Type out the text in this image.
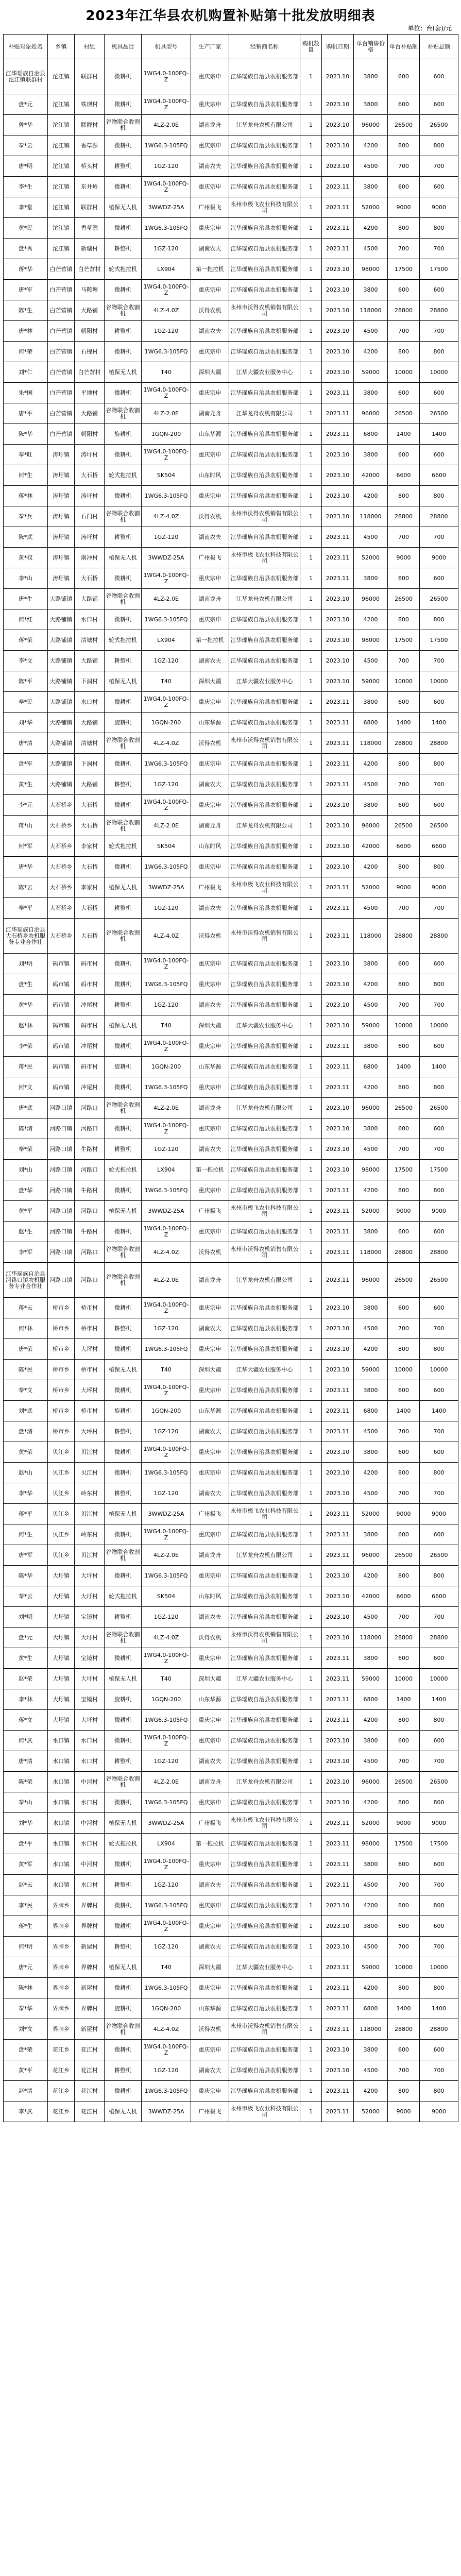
2023年江华县农机购置补贴第十批发放明细表
单位：台(套)/元
补贴对象姓名	乡镇	村组	机具品目	机具型号	生产厂家	经销商名称	购机数量	购机日期	单台销售价格	单台补贴额	补贴总额
江华瑶族自治县沱江镇联群村	沱江镇	联群村	微耕机	1WG4.0-100FQ-Z	重庆宗申	江华瑶族自治县农机服务部	1	2023.10	3800	600	600
盘*元	沱江镇	铁坝村	微耕机	1WG4.0-100FQ-Z	重庆宗申	江华瑶族自治县农机服务部	1	2023.10	3800	600	600
曾*华	沱江镇	联群村	谷物联合收割机	4LZ-2.0E	湖南龙舟	江华龙舟农机有限公司	1	2023.10	96000	26500	26500
奉*云	沱江镇	香草源	微耕机	1WG6.3-105FQ	重庆宗申	江华瑶族自治县农机服务部	1	2023.10	4200	800	800
唐*明	沱江镇	桥头村	耕整机	1GZ-120	湖南农夫	江华瑶族自治县农机服务部	1	2023.10	4500	700	700
李*生	沱江镇	东井岭	微耕机	1WG4.0-100FQ-Z	重庆宗申	江华瑶族自治县农机服务部	1	2023.11	3800	600	600
李*堂	沱江镇	联群村	植保无人机	3WWDZ-25A	广州极飞	永州市极飞农业科技有限公司	1	2023.11	52000	9000	9000
黄*民	沱江镇	香草源	微耕机	1WG6.3-105FQ	重庆宗申	江华瑶族自治县农机服务部	1	2023.11	4200	800	800
盘*秀	沱江镇	新塘村	耕整机	1GZ-120	湖南农夫	江华瑶族自治县农机服务部	1	2023.11	4500	700	700
蒋*华	白芒营镇	白芒营村	轮式拖拉机	LX904	第一拖拉机	江华瑶族自治县农机服务部	1	2023.10	98000	17500	17500
唐*军	白芒营镇	马鞍塘	微耕机	1WG4.0-100FQ-Z	重庆宗申	江华瑶族自治县农机服务部	1	2023.10	3800	600	600
陈*生	白芒营镇	大路铺	谷物联合收割机	4LZ-4.0Z	沃得农机	永州市沃得农机销售有限公司	1	2023.10	118000	28800	28800
唐*林	白芒营镇	朝阳村	耕整机	1GZ-120	湖南农夫	江华瑶族自治县农机服务部	1	2023.10	4500	700	700
何*荣	白芒营镇	石枧村	微耕机	1WG6.3-105FQ	重庆宗申	江华瑶族自治县农机服务部	1	2023.10	4200	800	800
刘*仁	白芒营镇	白芒营村	植保无人机	T40	深圳大疆	江华大疆农业服务中心	1	2023.10	59000	10000	10000
朱*国	白芒营镇	平地村	微耕机	1WG4.0-100FQ-Z	重庆宗申	江华瑶族自治县农机服务部	1	2023.11	3800	600	600
唐*平	白芒营镇	大路铺	谷物联合收割机	4LZ-2.0E	湖南龙舟	江华龙舟农机有限公司	1	2023.11	96000	26500	26500
陈*华	白芒营镇	朝阳村	旋耕机	1GQN-200	山东华源	江华瑶族自治县农机服务部	1	2023.11	6800	1400	1400
奉*旺	涛圩镇	涛圩村	微耕机	1WG4.0-100FQ-Z	重庆宗申	江华瑶族自治县农机服务部	1	2023.10	3800	600	600
何*生	涛圩镇	大石桥	轮式拖拉机	SK504	山东时风	江华瑶族自治县农机服务部	1	2023.10	42000	6600	6600
蒋*林	涛圩镇	涛圩村	微耕机	1WG6.3-105FQ	重庆宗申	江华瑶族自治县农机服务部	1	2023.10	4200	800	800
奉*兵	涛圩镇	石门村	谷物联合收割机	4LZ-4.0Z	沃得农机	永州市沃得农机销售有限公司	1	2023.10	118000	28800	28800
陈*武	涛圩镇	涛圩村	耕整机	1GZ-120	湖南农夫	江华瑶族自治县农机服务部	1	2023.11	4500	700	700
黄*权	涛圩镇	南冲村	植保无人机	3WWDZ-25A	广州极飞	永州市极飞农业科技有限公司	1	2023.11	52000	9000	9000
李*山	涛圩镇	大石桥	微耕机	1WG4.0-100FQ-Z	重庆宗申	江华瑶族自治县农机服务部	1	2023.11	3800	600	600
唐*生	大路铺镇	大路铺	谷物联合收割机	4LZ-2.0E	湖南龙舟	江华龙舟农机有限公司	1	2023.10	96000	26500	26500
何*红	大路铺镇	水口村	微耕机	1WG6.3-105FQ	重庆宗申	江华瑶族自治县农机服务部	1	2023.10	4200	800	800
蒋*荣	大路铺镇	清塘村	轮式拖拉机	LX904	第一拖拉机	江华瑶族自治县农机服务部	1	2023.10	98000	17500	17500
李*文	大路铺镇	大路铺	耕整机	1GZ-120	湖南农夫	江华瑶族自治县农机服务部	1	2023.10	4500	700	700
陈*平	大路铺镇	下洞村	植保无人机	T40	深圳大疆	江华大疆农业服务中心	1	2023.10	59000	10000	10000
奉*民	大路铺镇	水口村	微耕机	1WG4.0-100FQ-Z	重庆宗申	江华瑶族自治县农机服务部	1	2023.11	3800	600	600
刘*华	大路铺镇	大路铺	旋耕机	1GQN-200	山东华源	江华瑶族自治县农机服务部	1	2023.11	6800	1400	1400
唐*清	大路铺镇	清塘村	谷物联合收割机	4LZ-4.0Z	沃得农机	永州市沃得农机销售有限公司	1	2023.11	118000	28800	28800
盘*军	大路铺镇	下洞村	微耕机	1WG6.3-105FQ	重庆宗申	江华瑶族自治县农机服务部	1	2023.11	4200	800	800
黄*生	大路铺镇	大路铺	耕整机	1GZ-120	湖南农夫	江华瑶族自治县农机服务部	1	2023.11	4500	700	700
李*元	大石桥乡	大石桥	微耕机	1WG4.0-100FQ-Z	重庆宗申	江华瑶族自治县农机服务部	1	2023.10	3800	600	600
蒋*山	大石桥乡	大石桥	谷物联合收割机	4LZ-2.0E	湖南龙舟	江华龙舟农机有限公司	1	2023.10	96000	26500	26500
何*军	大石桥乡	李家村	轮式拖拉机	SK504	山东时风	江华瑶族自治县农机服务部	1	2023.10	42000	6600	6600
唐*华	大石桥乡	大石桥	微耕机	1WG6.3-105FQ	重庆宗申	江华瑶族自治县农机服务部	1	2023.10	4200	800	800
陈*云	大石桥乡	李家村	植保无人机	3WWDZ-25A	广州极飞	永州市极飞农业科技有限公司	1	2023.11	52000	9000	9000
奉*平	大石桥乡	大石桥	耕整机	1GZ-120	湖南农夫	江华瑶族自治县农机服务部	1	2023.11	4500	700	700
江华瑶族自治县大石桥乡农机服务专业合作社	大石桥乡	大石桥	谷物联合收割机	4LZ-4.0Z	沃得农机	永州市沃得农机销售有限公司	1	2023.11	118000	28800	28800
刘*明	码市镇	码市村	微耕机	1WG4.0-100FQ-Z	重庆宗申	江华瑶族自治县农机服务部	1	2023.10	3800	600	600
盘*生	码市镇	码市村	微耕机	1WG6.3-105FQ	重庆宗申	江华瑶族自治县农机服务部	1	2023.10	4200	800	800
黄*华	码市镇	冲尾村	耕整机	1GZ-120	湖南农夫	江华瑶族自治县农机服务部	1	2023.10	4500	700	700
赵*林	码市镇	码市村	植保无人机	T40	深圳大疆	江华大疆农业服务中心	1	2023.10	59000	10000	10000
李*荣	码市镇	冲尾村	微耕机	1WG4.0-100FQ-Z	重庆宗申	江华瑶族自治县农机服务部	1	2023.11	3800	600	600
蒋*民	码市镇	码市村	旋耕机	1GQN-200	山东华源	江华瑶族自治县农机服务部	1	2023.11	6800	1400	1400
何*文	码市镇	冲尾村	微耕机	1WG6.3-105FQ	重庆宗申	江华瑶族自治县农机服务部	1	2023.11	4200	800	800
唐*武	河路口镇	河路口	谷物联合收割机	4LZ-2.0E	湖南龙舟	江华龙舟农机有限公司	1	2023.10	96000	26500	26500
陈*清	河路口镇	河路口	微耕机	1WG4.0-100FQ-Z	重庆宗申	江华瑶族自治县农机服务部	1	2023.10	3800	600	600
奉*荣	河路口镇	牛路村	耕整机	1GZ-120	湖南农夫	江华瑶族自治县农机服务部	1	2023.10	4500	700	700
刘*山	河路口镇	河路口	轮式拖拉机	LX904	第一拖拉机	江华瑶族自治县农机服务部	1	2023.10	98000	17500	17500
盘*华	河路口镇	牛路村	微耕机	1WG6.3-105FQ	重庆宗申	江华瑶族自治县农机服务部	1	2023.11	4200	800	800
黄*平	河路口镇	河路口	植保无人机	3WWDZ-25A	广州极飞	永州市极飞农业科技有限公司	1	2023.11	52000	9000	9000
赵*生	河路口镇	牛路村	微耕机	1WG4.0-100FQ-Z	重庆宗申	江华瑶族自治县农机服务部	1	2023.11	3800	600	600
李*军	河路口镇	河路口	谷物联合收割机	4LZ-4.0Z	沃得农机	永州市沃得农机销售有限公司	1	2023.11	118000	28800	28800
江华瑶族自治县河路口镇农机服务专业合作社	河路口镇	河路口	谷物联合收割机	4LZ-2.0E	湖南龙舟	江华龙舟农机有限公司	1	2023.11	96000	26500	26500
蒋*云	桥市乡	桥市村	微耕机	1WG4.0-100FQ-Z	重庆宗申	江华瑶族自治县农机服务部	1	2023.10	3800	600	600
何*林	桥市乡	桥市村	耕整机	1GZ-120	湖南农夫	江华瑶族自治县农机服务部	1	2023.10	4500	700	700
唐*荣	桥市乡	大坪村	微耕机	1WG6.3-105FQ	重庆宗申	江华瑶族自治县农机服务部	1	2023.10	4200	800	800
陈*民	桥市乡	桥市村	植保无人机	T40	深圳大疆	江华大疆农业服务中心	1	2023.10	59000	10000	10000
奉*文	桥市乡	大坪村	微耕机	1WG4.0-100FQ-Z	重庆宗申	江华瑶族自治县农机服务部	1	2023.11	3800	600	600
刘*武	桥市乡	桥市村	旋耕机	1GQN-200	山东华源	江华瑶族自治县农机服务部	1	2023.11	6800	1400	1400
盘*清	桥市乡	大坪村	耕整机	1GZ-120	湖南农夫	江华瑶族自治县农机服务部	1	2023.11	4500	700	700
黄*荣	贝江乡	贝江村	微耕机	1WG4.0-100FQ-Z	重庆宗申	江华瑶族自治县农机服务部	1	2023.10	3800	600	600
赵*山	贝江乡	贝江村	微耕机	1WG6.3-105FQ	重庆宗申	江华瑶族自治县农机服务部	1	2023.10	4200	800	800
李*华	贝江乡	岭东村	耕整机	1GZ-120	湖南农夫	江华瑶族自治县农机服务部	1	2023.10	4500	700	700
蒋*平	贝江乡	贝江村	植保无人机	3WWDZ-25A	广州极飞	永州市极飞农业科技有限公司	1	2023.11	52000	9000	9000
何*生	贝江乡	岭东村	微耕机	1WG4.0-100FQ-Z	重庆宗申	江华瑶族自治县农机服务部	1	2023.11	3800	600	600
唐*军	贝江乡	贝江村	谷物联合收割机	4LZ-2.0E	湖南龙舟	江华龙舟农机有限公司	1	2023.11	96000	26500	26500
陈*华	大圩镇	大圩村	微耕机	1WG6.3-105FQ	重庆宗申	江华瑶族自治县农机服务部	1	2023.10	4200	800	800
奉*云	大圩镇	大圩村	轮式拖拉机	SK504	山东时风	江华瑶族自治县农机服务部	1	2023.10	42000	6600	6600
刘*明	大圩镇	宝镜村	耕整机	1GZ-120	湖南农夫	江华瑶族自治县农机服务部	1	2023.10	4500	700	700
盘*元	大圩镇	大圩村	谷物联合收割机	4LZ-4.0Z	沃得农机	永州市沃得农机销售有限公司	1	2023.10	118000	28800	28800
黄*生	大圩镇	宝镜村	微耕机	1WG4.0-100FQ-Z	重庆宗申	江华瑶族自治县农机服务部	1	2023.11	3800	600	600
赵*荣	大圩镇	大圩村	植保无人机	T40	深圳大疆	江华大疆农业服务中心	1	2023.11	59000	10000	10000
李*林	大圩镇	宝镜村	旋耕机	1GQN-200	山东华源	江华瑶族自治县农机服务部	1	2023.11	6800	1400	1400
蒋*文	大圩镇	大圩村	微耕机	1WG6.3-105FQ	重庆宗申	江华瑶族自治县农机服务部	1	2023.11	4200	800	800
何*武	水口镇	水口村	微耕机	1WG4.0-100FQ-Z	重庆宗申	江华瑶族自治县农机服务部	1	2023.10	3800	600	600
唐*清	水口镇	水口村	耕整机	1GZ-120	湖南农夫	江华瑶族自治县农机服务部	1	2023.10	4500	700	700
陈*荣	水口镇	中河村	谷物联合收割机	4LZ-2.0E	湖南龙舟	江华龙舟农机有限公司	1	2023.10	96000	26500	26500
奉*山	水口镇	水口村	微耕机	1WG6.3-105FQ	重庆宗申	江华瑶族自治县农机服务部	1	2023.10	4200	800	800
刘*华	水口镇	中河村	植保无人机	3WWDZ-25A	广州极飞	永州市极飞农业科技有限公司	1	2023.11	52000	9000	9000
盘*平	水口镇	水口村	轮式拖拉机	LX904	第一拖拉机	江华瑶族自治县农机服务部	1	2023.11	98000	17500	17500
黄*军	水口镇	中河村	微耕机	1WG4.0-100FQ-Z	重庆宗申	江华瑶族自治县农机服务部	1	2023.11	3800	600	600
赵*云	水口镇	水口村	耕整机	1GZ-120	湖南农夫	江华瑶族自治县农机服务部	1	2023.11	4500	700	700
李*民	界牌乡	界牌村	微耕机	1WG6.3-105FQ	重庆宗申	江华瑶族自治县农机服务部	1	2023.10	4200	800	800
蒋*生	界牌乡	界牌村	微耕机	1WG4.0-100FQ-Z	重庆宗申	江华瑶族自治县农机服务部	1	2023.10	3800	600	600
何*明	界牌乡	新屋村	耕整机	1GZ-120	湖南农夫	江华瑶族自治县农机服务部	1	2023.10	4500	700	700
唐*元	界牌乡	界牌村	植保无人机	T40	深圳大疆	江华大疆农业服务中心	1	2023.11	59000	10000	10000
陈*林	界牌乡	新屋村	微耕机	1WG6.3-105FQ	重庆宗申	江华瑶族自治县农机服务部	1	2023.11	4200	800	800
奉*华	界牌乡	界牌村	旋耕机	1GQN-200	山东华源	江华瑶族自治县农机服务部	1	2023.11	6800	1400	1400
刘*文	界牌乡	新屋村	谷物联合收割机	4LZ-4.0Z	沃得农机	永州市沃得农机销售有限公司	1	2023.11	118000	28800	28800
盘*荣	花江乡	花江村	微耕机	1WG4.0-100FQ-Z	重庆宗申	江华瑶族自治县农机服务部	1	2023.10	3800	600	600
黄*平	花江乡	花江村	耕整机	1GZ-120	湖南农夫	江华瑶族自治县农机服务部	1	2023.10	4500	700	700
赵*清	花江乡	花江村	微耕机	1WG6.3-105FQ	重庆宗申	江华瑶族自治县农机服务部	1	2023.11	4200	800	800
李*武	花江乡	花江村	植保无人机	3WWDZ-25A	广州极飞	永州市极飞农业科技有限公司	1	2023.11	52000	9000	9000
